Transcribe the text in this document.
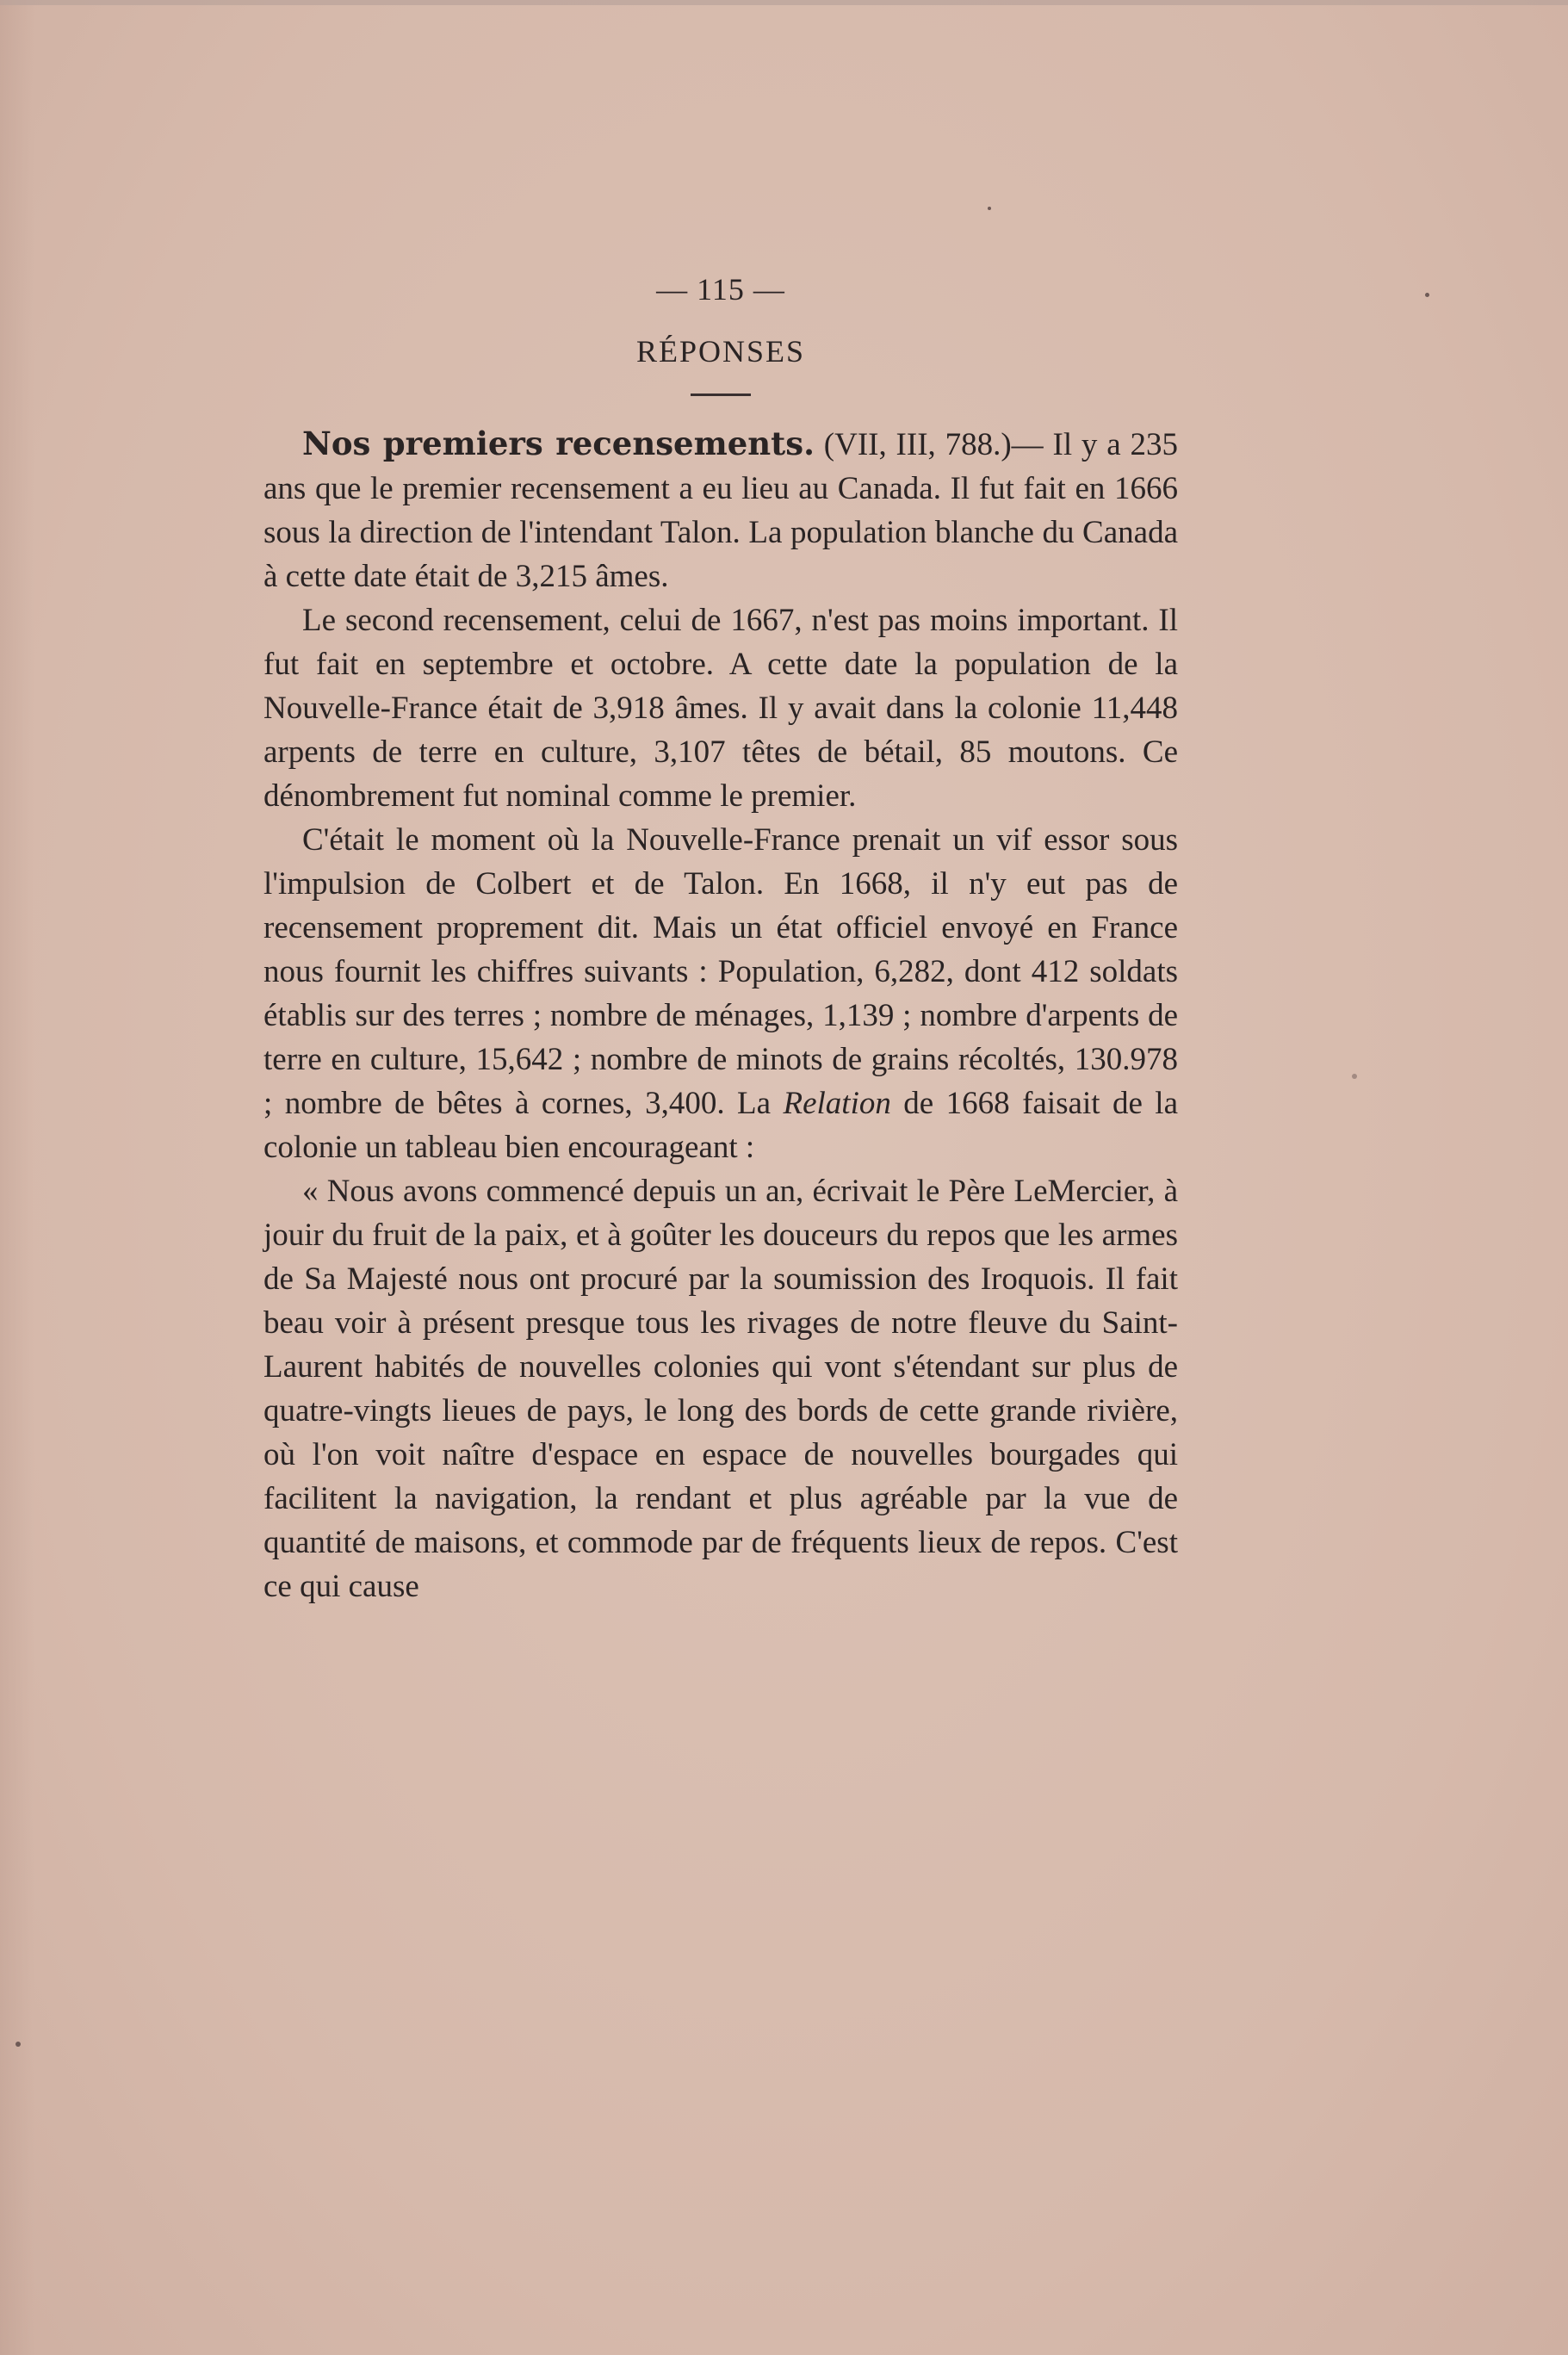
— 115 —
RÉPONSES

Nos premiers recensements. (VII, III, 788.)— Il y a 235 ans que le premier recensement a eu lieu au Canada. Il fut fait en 1666 sous la direction de l'intendant Talon. La population blanche du Canada à cette date était de 3,215 âmes.

Le second recensement, celui de 1667, n'est pas moins important. Il fut fait en septembre et octobre. A cette date la population de la Nouvelle-France était de 3,918 âmes. Il y avait dans la colonie 11,448 arpents de terre en culture, 3,107 têtes de bétail, 85 moutons. Ce dénombrement fut nominal comme le premier.

C'était le moment où la Nouvelle-France prenait un vif essor sous l'impulsion de Colbert et de Talon. En 1668, il n'y eut pas de recensement proprement dit. Mais un état officiel envoyé en France nous fournit les chiffres suivants : Population, 6,282, dont 412 soldats établis sur des terres ; nombre de ménages, 1,139 ; nombre d'arpents de terre en culture, 15,642 ; nombre de minots de grains récoltés, 130.978 ; nombre de bêtes à cornes, 3,400. La Relation de 1668 faisait de la colonie un tableau bien encourageant :

« Nous avons commencé depuis un an, écrivait le Père LeMercier, à jouir du fruit de la paix, et à goûter les douceurs du repos que les armes de Sa Majesté nous ont procuré par la soumission des Iroquois. Il fait beau voir à présent presque tous les rivages de notre fleuve du Saint-Laurent habités de nouvelles colonies qui vont s'étendant sur plus de quatre-vingts lieues de pays, le long des bords de cette grande rivière, où l'on voit naître d'espace en espace de nouvelles bourgades qui facilitent la navigation, la rendant et plus agréable par la vue de quantité de maisons, et commode par de fréquents lieux de repos. C'est ce qui cause
